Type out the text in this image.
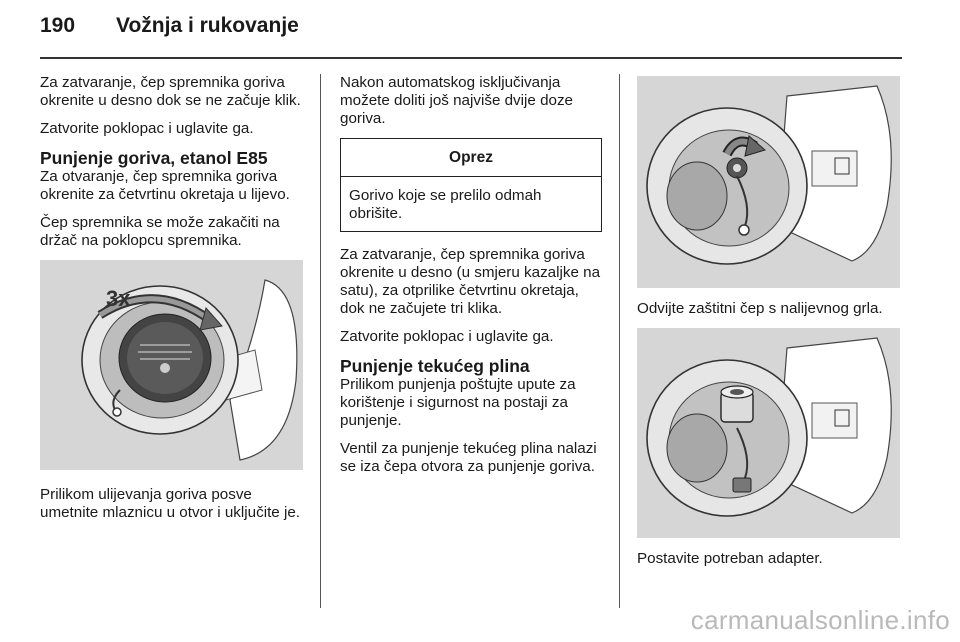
190	Vožnja i rukovanje

Za zatvaranje, čep spremnika goriva okrenite u desno dok se ne začuje klik.

Zatvorite poklopac i uglavite ga.

Punjenje goriva, etanol E85

Za otvaranje, čep spremnika goriva okrenite za četvrtinu okretaja u lijevo.

Čep spremnika se može zakačiti na držač na poklopcu spremnika.

3x

Prilikom ulijevanja goriva posve umetnite mlaznicu u otvor i uključite je.

Nakon automatskog isključivanja možete doliti još najviše dvije doze goriva.

Oprez
Gorivo koje se prelilo odmah obrišite.

Za zatvaranje, čep spremnika goriva okrenite u desno (u smjeru kazaljke na satu), za otprilike četvrtinu okretaja, dok ne začujete tri klika.

Zatvorite poklopac i uglavite ga.

Punjenje tekućeg plina

Prilikom punjenja poštujte upute za korištenje i sigurnost na postaji za punjenje.

Ventil za punjenje tekućeg plina nalazi se iza čepa otvora za punjenje goriva.

Odvijte zaštitni čep s nalijevnog grla.

Postavite potreban adapter.

carmanualsonline.info
